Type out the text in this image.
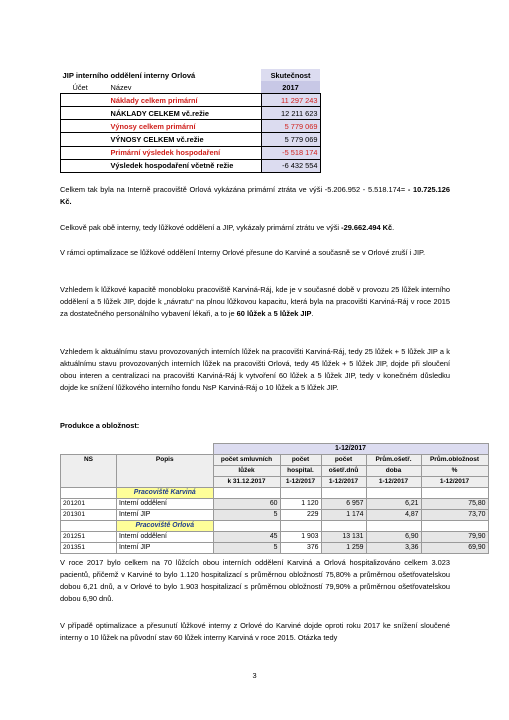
JIP interního oddělení interny Orlová		Skutečnost
Účet	Název	2017
	Náklady celkem primární	11 297 243
	NÁKLADY CELKEM vč.režie	12 211 623
	Výnosy celkem primární	5 779 069
	VÝNOSY CELKEM vč.režie	5 779 069
	Primární výsledek hospodaření	-5 518 174
	Výsledek hospodaření včetně režie	-6 432 554

Celkem tak byla na Interně pracoviště Orlová vykázána primární ztráta ve výši -5.206.952 - 5.518.174= - 10.725.126 Kč.

Celkově pak obě interny, tedy lůžkové oddělení a JIP, vykázaly primární ztrátu ve výši -29.662.494 Kč.

V rámci optimalizace se lůžkové oddělení Interny Orlové přesune do Karviné a současně se v Orlové zruší i JIP.

Vzhledem k lůžkové kapacitě monobloku pracoviště Karviná-Ráj, kde je v současné době v provozu 25 lůžek interního oddělení a 5 lůžek JIP, dojde k „návratu“ na plnou lůžkovou kapacitu, která byla na pracovišti Karviná-Ráj v roce 2015 za dostatečného personálního vybavení lékaři, a to je 60 lůžek a 5 lůžek JIP.

Vzhledem k aktuálnímu stavu provozovaných interních lůžek na pracovišti Karviná-Ráj, tedy 25 lůžek + 5 lůžek JIP a k aktuálnímu stavu provozovaných interních lůžek na pracovišti Orlová, tedy 45 lůžek + 5 lůžek JIP, dojde při sloučení obou interen a centralizaci na pracovišti Karviná-Ráj k vytvoření 60 lůžek a 5 lůžek JIP, tedy v konečném důsledku dojde ke snížení lůžkového interního fondu NsP Karviná-Ráj o 10 lůžek a 5 lůžek JIP.

Produkce a obložnost:

		1-12/2017				
NS	Popis	počet smluvních	počet	počet	Prům.ošetř.	Prům.obložnost
		lůžek	hospital.	ošetř.dnů	doba	%
		k 31.12.2017	1-12/2017	1-12/2017	1-12/2017	1-12/2017
	Pracoviště Karviná					
201201	Interní oddělení	60	1 120	6 957	6,21	75,80
201301	Interní JIP	5	229	1 174	4,87	73,70
	Pracoviště Orlová					
201251	Interní oddělení	45	1 903	13 131	6,90	79,90
201351	Interní JIP	5	376	1 259	3,36	69,90

V roce 2017 bylo celkem na 70 lůžcích obou interních oddělení Karviná a Orlová hospitalizováno celkem 3.023 pacientů, přičemž v Karviné to bylo 1.120 hospitalizací s průměrnou obložností 75,80% a průměrnou ošetřovatelskou dobou 6,21 dnů, a v Orlové to bylo 1.903 hospitalizací s průměrnou obložností 79,90% a průměrnou ošetřovatelskou dobou 6,90 dnů.

V případě optimalizace a přesunutí lůžkové interny z Orlové do Karviné dojde oproti roku 2017 ke snížení sloučené interny o 10 lůžek na původní stav 60 lůžek interny Karviná v roce 2015. Otázka tedy

3
